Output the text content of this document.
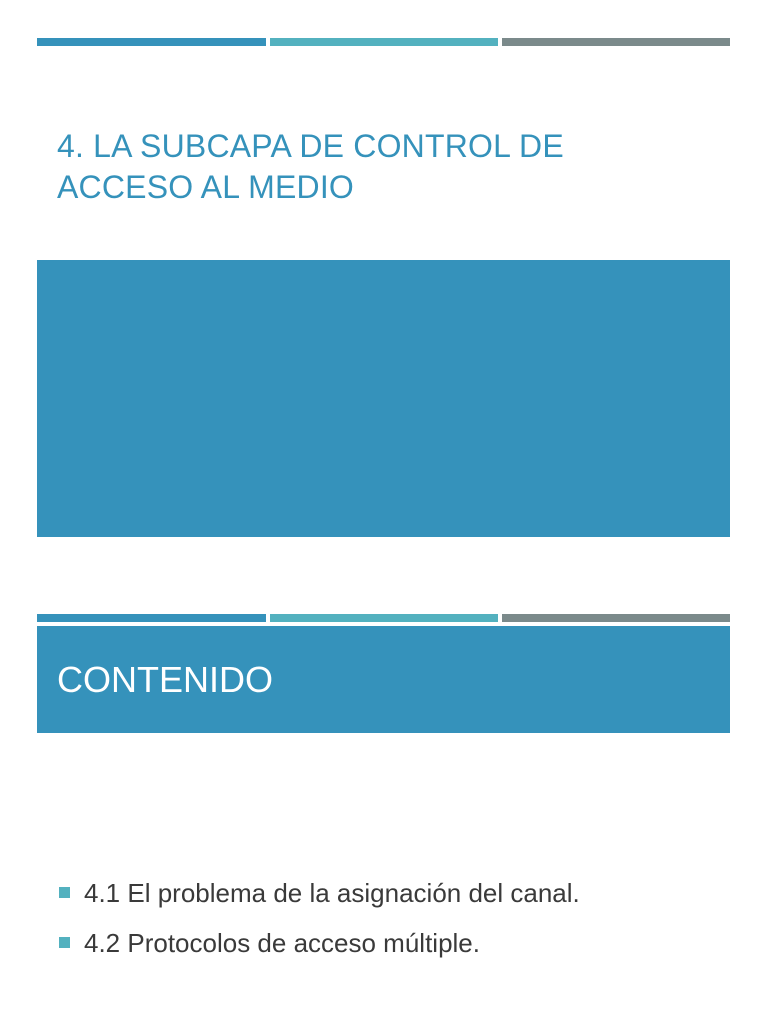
4. LA SUBCAPA DE CONTROL DE
ACCESO AL MEDIO
CONTENIDO
4.1 El problema de la asignación del canal.
4.2 Protocolos de acceso múltiple.
